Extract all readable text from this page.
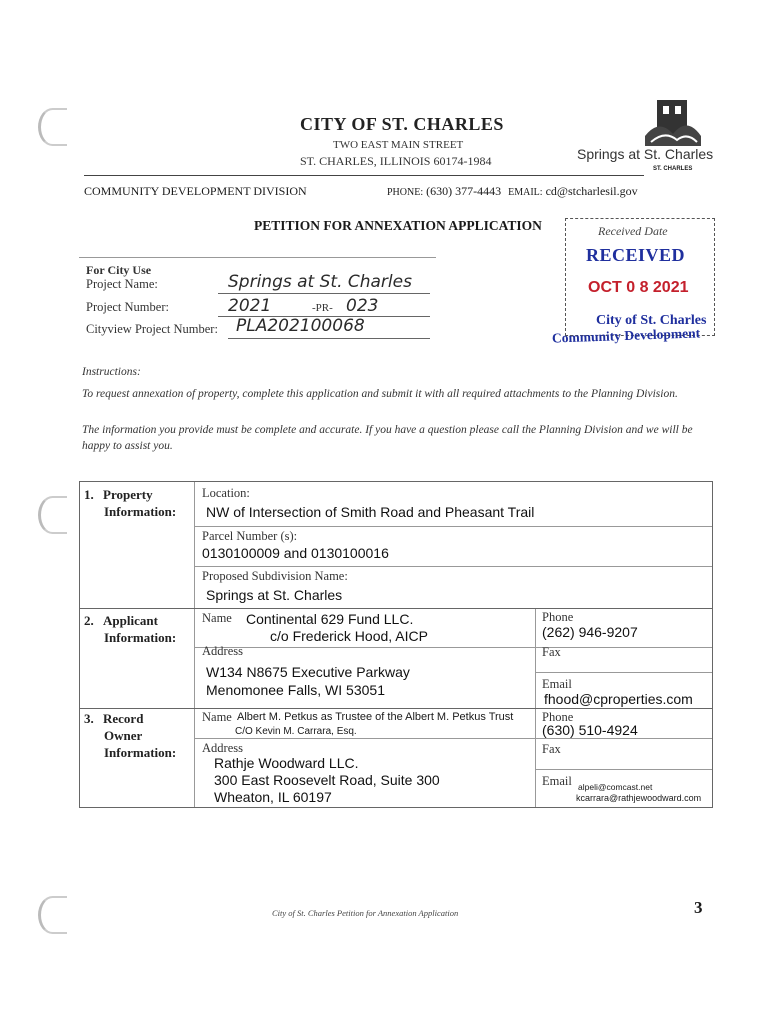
CITY OF ST. CHARLES
TWO EAST MAIN STREET
ST. CHARLES, ILLINOIS 60174-1984
ST. CHARLES
Springs at St. Charles
COMMUNITY DEVELOPMENT DIVISION	PHONE: (630) 377-4443 EMAIL: cd@stcharlesil.gov
PETITION FOR ANNEXATION APPLICATION	Received Date
RECEIVED
OCT 0 8 2021
City of St. Charles
Community Development
For City Use
Project Name:	Springs at St. Charles
Project Number:	2021	-PR- 023
Cityview Project Number: PLA202100068
Instructions:
To request annexation of property, complete this application and submit it with all required attachments to the Planning Division.
The information you provide must be complete and accurate. If you have a question please call the Planning Division and we will be happy to assist you.
1. Property
Information:
Location:
NW of Intersection of Smith Road and Pheasant Trail
Parcel Number (s):
0130100009 and 0130100016
Proposed Subdivision Name:
Springs at St. Charles
2. Applicant
Information:
Name Continental 629 Fund LLC.
c/o Frederick Hood, AICP
Phone
(262) 946-9207
Address	Fax
W134 N8675 Executive Parkway
Menomonee Falls, WI 53051	Email
fhood@cproperties.com
3. Record
Owner
Information:
Name Albert M. Petkus as Trustee of the Albert M. Petkus Trust
C/O Kevin M. Carrara, Esq.
Phone
(630) 510-4924
Address	Fax
Rathje Woodward LLC.
300 East Roosevelt Road, Suite 300
Wheaton, IL 60197
Email alpeli@comcast.net
kcarrara@rathjewoodward.com
City of St. Charles Petition for Annexation Application	3
